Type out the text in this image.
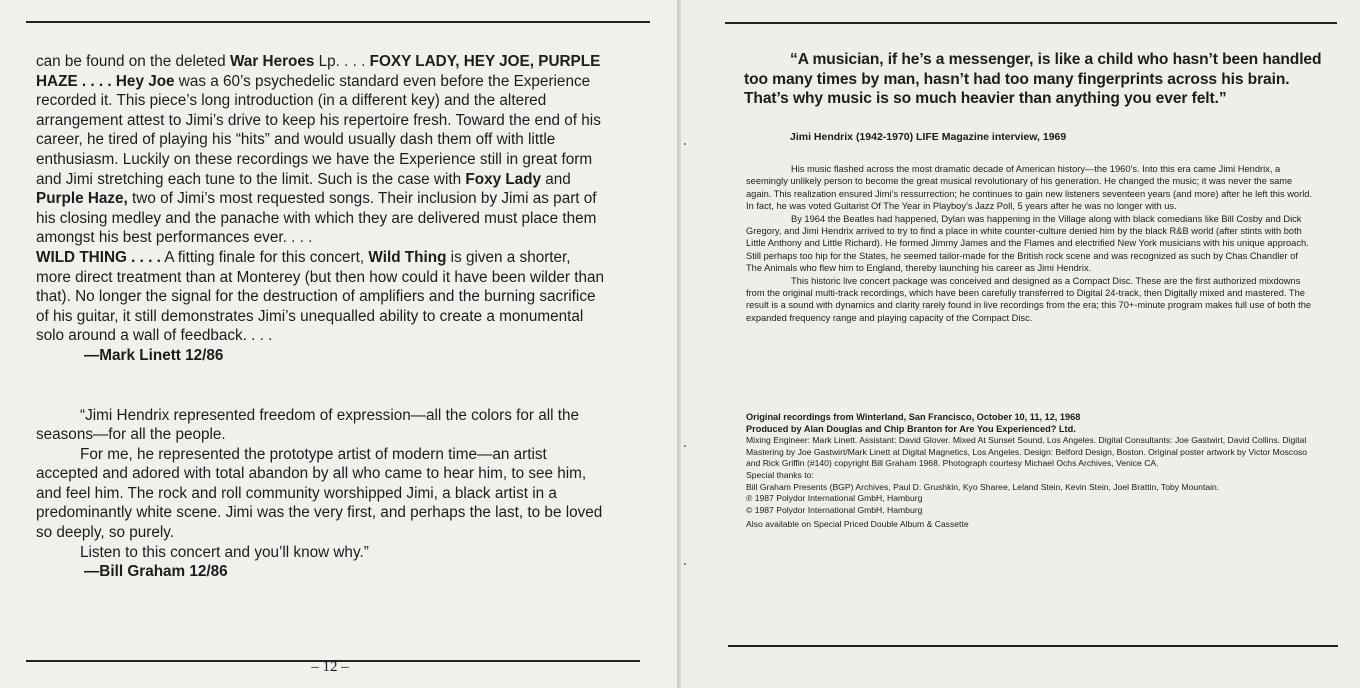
can be found on the deleted War Heroes Lp. . . . FOXY LADY, HEY JOE, PURPLE HAZE . . . . Hey Joe was a 60’s psychedelic standard even before the Experience recorded it. This piece’s long introduction (in a different key) and the altered arrangement attest to Jimi’s drive to keep his repertoire fresh. Toward the end of his career, he tired of playing his “hits” and would usually dash them off with little enthusiasm. Luckily on these recordings we have the Experience still in great form and Jimi stretching each tune to the limit. Such is the case with Foxy Lady and Purple Haze, two of Jimi’s most requested songs. Their inclusion by Jimi as part of his closing medley and the panache with which they are delivered must place them amongst his best performances ever. . . .

WILD THING . . . . A fitting finale for this concert, Wild Thing is given a shorter, more direct treatment than at Monterey (but then how could it have been wilder than that). No longer the signal for the destruction of amplifiers and the burning sacrifice of his guitar, it still demonstrates Jimi’s unequalled ability to create a monumental solo around a wall of feedback. . . .

—Mark Linett 12/86

“Jimi Hendrix represented freedom of expression—all the colors for all the seasons—for all the people.

For me, he represented the prototype artist of modern time—an artist accepted and adored with total abandon by all who came to hear him, to see him, and feel him. The rock and roll community worshipped Jimi, a black artist in a predominantly white scene. Jimi was the very first, and perhaps the last, to be loved so deeply, so purely.

Listen to this concert and you’ll know why.”

—Bill Graham 12/86

– 12 –
“A musician, if he’s a messenger, is like a child who hasn’t been handled too many times by man, hasn’t had too many fingerprints across his brain. That’s why music is so much heavier than anything you ever felt.”
Jimi Hendrix (1942-1970) LIFE Magazine interview, 1969

His music flashed across the most dramatic decade of American history—the 1960’s. Into this era came Jimi Hendrix, a seemingly unlikely person to become the great musical revolutionary of his generation. He changed the music; it was never the same again. This realization ensured Jimi’s ressurrection; he continues to gain new listeners seventeen years (and more) after he left this world. In fact, he was voted Guitarist Of The Year in Playboy’s Jazz Poll, 5 years after he was no longer with us.

By 1964 the Beatles had happened, Dylan was happening in the Village along with black comedians like Bill Cosby and Dick Gregory, and Jimi Hendrix arrived to try to find a place in white counter-culture denied him by the black R&B world (after stints with both Little Anthony and Little Richard). He formed Jimmy James and the Flames and electrified New York musicians with his unique approach. Still perhaps too hip for the States, he seemed tailor-made for the British rock scene and was recognized as such by Chas Chandler of The Animals who flew him to England, thereby launching his career as Jimi Hendrix.

This historic live concert package was conceived and designed as a Compact Disc. These are the first authorized mixdowns from the original multi-track recordings, which have been carefully transferred to Digital 24-track, then Digitally mixed and mastered. The result is a sound with dynamics and clarity rarely found in live recordings from the era; this 70+-minute program makes full use of both the expanded frequency range and playing capacity of the Compact Disc.

Original recordings from Winterland, San Francisco, October 10, 11, 12, 1968

Produced by Alan Douglas and Chip Branton for Are You Experienced? Ltd.

Mixing Engineer: Mark Linett. Assistant: David Glover. Mixed At Sunset Sound, Los Angeles. Digital Consultants: Joe Gastwirt, David Collins. Digital Mastering by Joe Gastwirt/Mark Linett at Digital Magnetics, Los Angeles. Design: Belford Design, Boston. Original poster artwork by Victor Moscoso and Rick Griffin (#140) copyright Bill Graham 1968. Photograph courtesy Michael Ochs Archives, Venice CA.

Special thanks to:

Bill Graham Presents (BGP) Archives, Paul D. Grushkin, Kyo Sharee, Leland Stein, Kevin Stein, Joel Brattin, Toby Mountain.

℗ 1987 Polydor International GmbH, Hamburg

© 1987 Polydor International GmbH, Hamburg

Also available on Special Priced Double Album & Cassette
